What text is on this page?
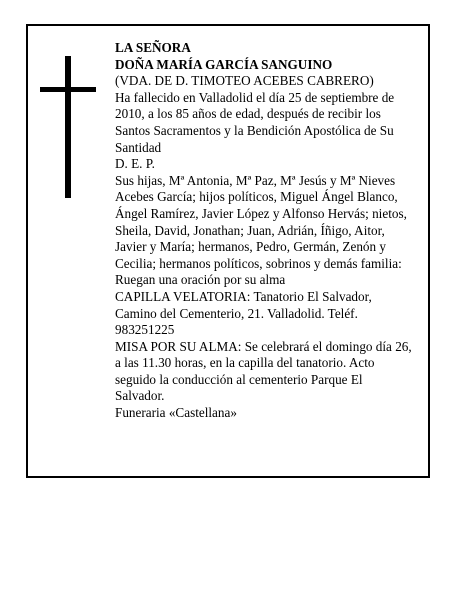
LA SEÑORA
DOÑA MARÍA GARCÍA SANGUINO
(VDA. DE D. TIMOTEO ACEBES CABRERO)
Ha fallecido en Valladolid el día 25 de septiembre de 2010, a los 85 años de edad, después de recibir los Santos Sacramentos y la Bendición Apostólica de Su Santidad
D. E. P.
Sus hijas, Mª Antonia, Mª Paz, Mª Jesús y Mª Nieves Acebes García; hijos políticos, Miguel Ángel Blanco, Ángel Ramírez, Javier López y Alfonso Hervás; nietos, Sheila, David, Jonathan; Juan, Adrián, Íñigo, Aitor, Javier y María; hermanos, Pedro, Germán, Zenón y Cecilia; hermanos políticos, sobrinos y demás familia:
Ruegan una oración por su alma
CAPILLA VELATORIA: Tanatorio El Salvador, Camino del Cementerio, 21. Valladolid. Teléf. 983251225
MISA POR SU ALMA: Se celebrará el domingo día 26, a las 11.30 horas, en la capilla del tanatorio. Acto seguido la conducción al cementerio Parque El Salvador.
Funeraria «Castellana»
